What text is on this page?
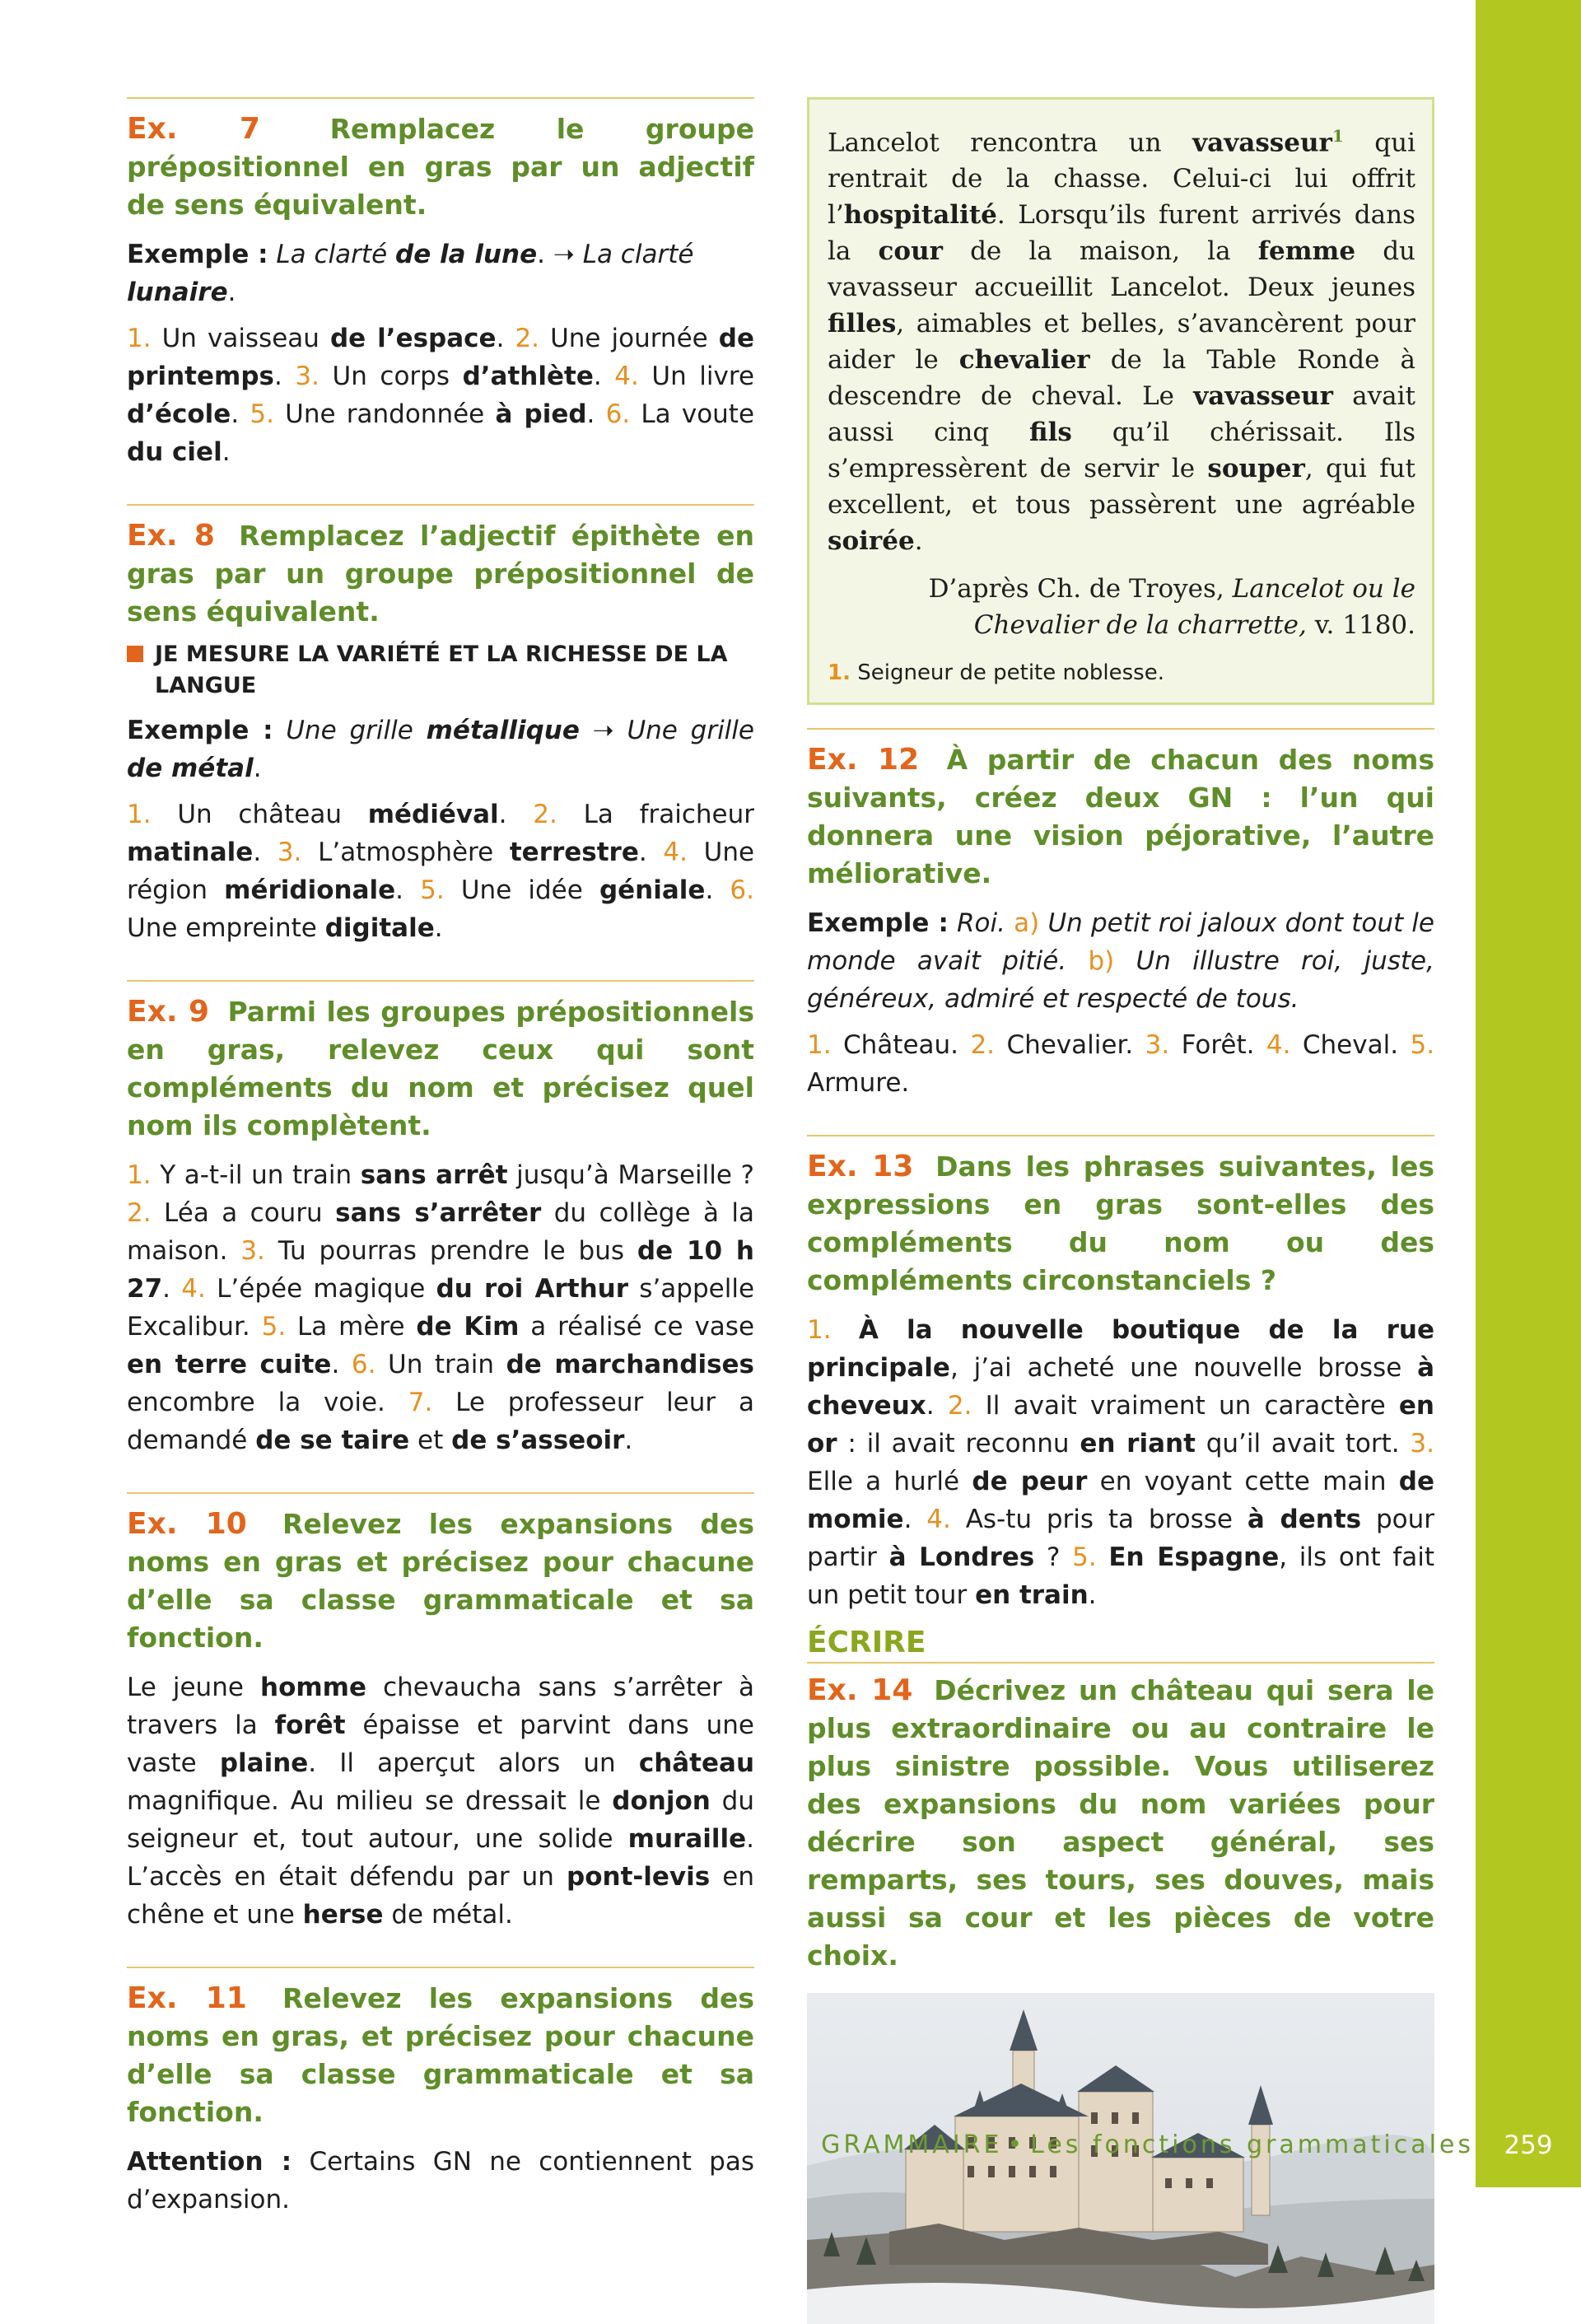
Ex. 7	Remplacez le groupe prépositionnel en gras par un adjectif de sens équivalent.

Exemple : La clarté de la lune. ➝ La clarté lunaire.

1. Un vaisseau de l’espace. 2. Une journée de printemps. 3. Un corps d’athlète. 4. Un livre d’école. 5. Une randonnée à pied. 6. La voute du ciel.

Ex. 8 Remplacez l’adjectif épithète en gras par un groupe prépositionnel de sens équivalent.

JE MESURE LA VARIÉTÉ ET LA RICHESSE DE LA LANGUE

Exemple : Une grille métallique ➝ Une grille de métal.

1. Un château médiéval. 2. La fraicheur matinale. 3. L’atmosphère terrestre. 4. Une région méridionale. 5. Une idée géniale. 6. Une empreinte digitale.

Ex. 9 Parmi les groupes prépositionnels en gras, relevez ceux qui sont compléments du nom et précisez quel nom ils complètent.

1. Y a-t-il un train sans arrêt jusqu’à Marseille ? 2. Léa a couru sans s’arrêter du collège à la maison. 3. Tu pourras prendre le bus de 10 h 27. 4. L’épée magique du roi Arthur s’appelle Excalibur. 5. La mère de Kim a réalisé ce vase en terre cuite. 6. Un train de marchandises encombre la voie. 7. Le professeur leur a demandé de se taire et de s’asseoir.

Ex. 10 Relevez les expansions des noms en gras et précisez pour chacune d’elle sa classe grammaticale et sa fonction.

Le jeune homme chevaucha sans s’arrêter à travers la forêt épaisse et parvint dans une vaste plaine. Il aperçut alors un château magnifique. Au milieu se dressait le donjon du seigneur et, tout autour, une solide muraille. L’accès en était défendu par un pont-levis en chêne et une herse de métal.

Ex. 11 Relevez les expansions des noms en gras, et précisez pour chacune d’elle sa classe grammaticale et sa fonction.

Attention : Certains GN ne contiennent pas d’expansion.

Lancelot rencontra un vavasseur$^1$ qui rentrait de la chasse. Celui-ci lui offrit l’hospitalité. Lorsqu’ils furent arrivés dans la cour de la maison, la femme du vavasseur accueillit Lancelot. Deux jeunes filles, aimables et belles, s’avancèrent pour aider le chevalier de la Table Ronde à descendre de cheval. Le vavasseur avait aussi cinq fils qu’il chérissait. Ils s’empressèrent de servir le souper, qui fut excellent, et tous passèrent une agréable soirée.

D’après Ch. de Troyes, Lancelot ou le Chevalier de la charrette, v. 1180.

1. Seigneur de petite noblesse.

Ex. 12 À partir de chacun des noms suivants, créez deux GN : l’un qui donnera une vision péjorative, l’autre méliorative.

Exemple : Roi. a) Un petit roi jaloux dont tout le monde avait pitié. b) Un illustre roi, juste, généreux, admiré et respecté de tous.

1. Château. 2. Chevalier. 3. Forêt. 4. Cheval. 5. Armure.

Ex. 13 Dans les phrases suivantes, les expressions en gras sont-elles des compléments du nom ou des compléments circonstanciels ?

1. À la nouvelle boutique de la rue principale, j’ai acheté une nouvelle brosse à cheveux. 2. Il avait vraiment un caractère en or : il avait reconnu en riant qu’il avait tort. 3. Elle a hurlé de peur en voyant cette main de momie. 4. As-tu pris ta brosse à dents pour partir à Londres ? 5. En Espagne, ils ont fait un petit tour en train.

ÉCRIRE

Ex. 14 Décrivez un château qui sera le plus extraordinaire ou au contraire le plus sinistre possible. Vous utiliserez des expansions du nom variées pour décrire son aspect général, ses remparts, ses tours, ses douves, mais aussi sa cour et les pièces de votre choix.

GRAMMAIRE • Les fonctions grammaticales	259
